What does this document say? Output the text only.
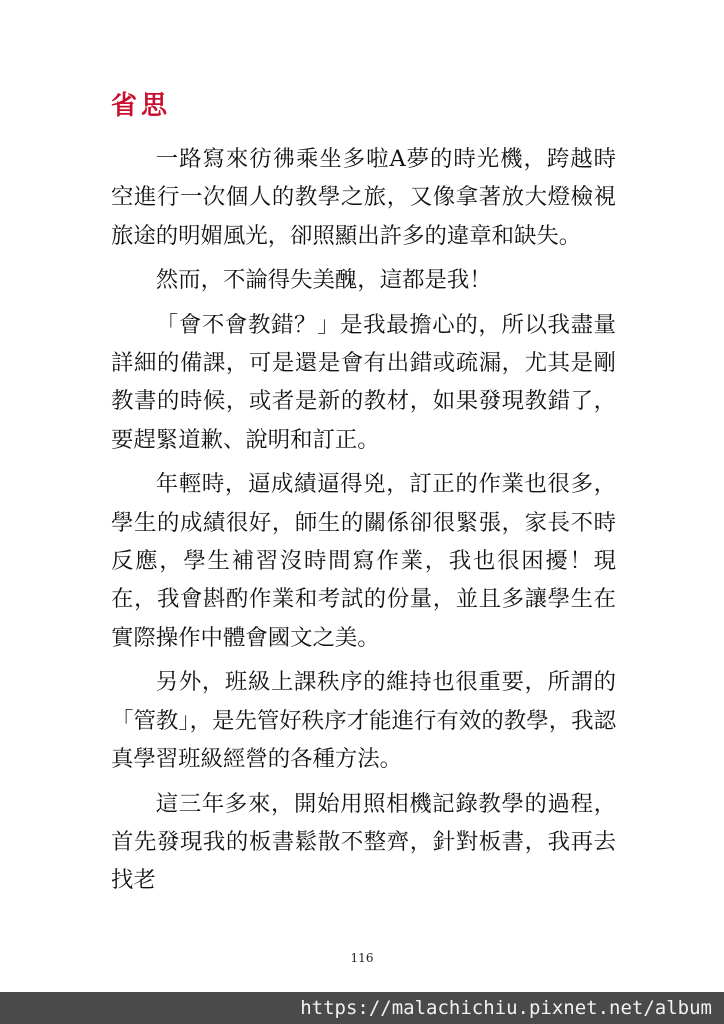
省思

一路寫來彷彿乘坐多啦A夢的時光機，跨越時空進行一次個人的教學之旅，又像拿著放大燈檢視旅途的明媚風光，卻照顯出許多的違章和缺失。

然而，不論得失美醜，這都是我！

「會不會教錯？」是我最擔心的，所以我盡量詳細的備課，可是還是會有出錯或疏漏，尤其是剛教書的時候，或者是新的教材，如果發現教錯了，要趕緊道歉、說明和訂正。

年輕時，逼成績逼得兇，訂正的作業也很多，學生的成績很好，師生的關係卻很緊張，家長不時反應，學生補習沒時間寫作業，我也很困擾！現在，我會斟酌作業和考試的份量，並且多讓學生在實際操作中體會國文之美。

另外，班級上課秩序的維持也很重要，所謂的「管教」，是先管好秩序才能進行有效的教學，我認真學習班級經營的各種方法。

這三年多來，開始用照相機記錄教學的過程，首先發現我的板書鬆散不整齊，針對板書，我再去找老

116
https://malachichiu.pixnet.net/album
